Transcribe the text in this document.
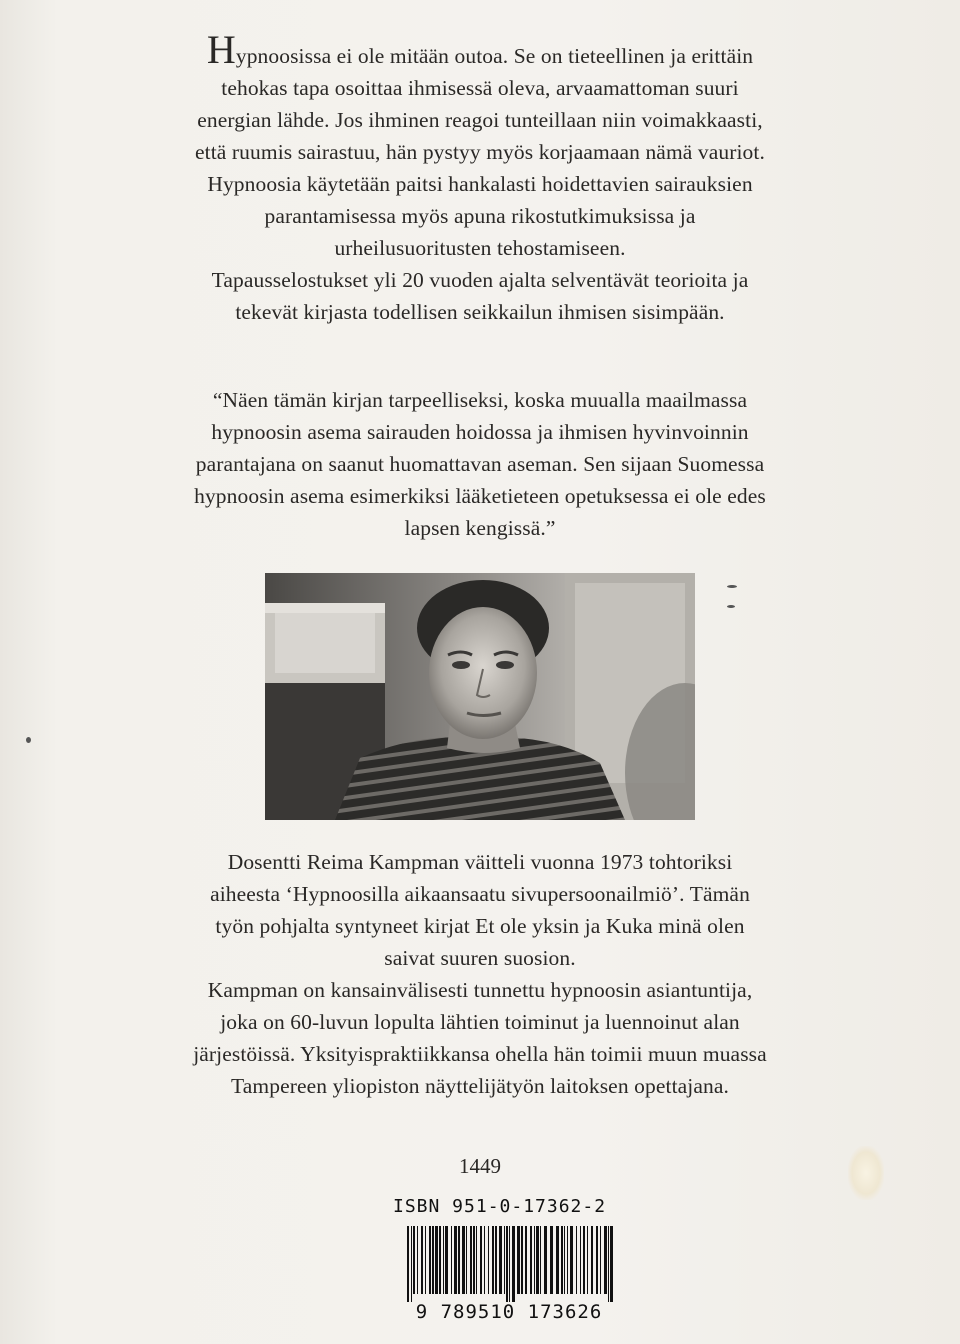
Hypnoosissa ei ole mitään outoa. Se on tieteellinen ja erittäin
tehokas tapa osoittaa ihmisessä oleva, arvaamattoman suuri
energian lähde. Jos ihminen reagoi tunteillaan niin voimakkaasti,
että ruumis sairastuu, hän pystyy myös korjaamaan nämä vauriot.
Hypnoosia käytetään paitsi hankalasti hoidettavien sairauksien
parantamisessa myös apuna rikostutkimuksissa ja
urheilusuoritusten tehostamiseen.
Tapausselostukset yli 20 vuoden ajalta selventävät teorioita ja
tekevät kirjasta todellisen seikkailun ihmisen sisimpään.

“Näen tämän kirjan tarpeelliseksi, koska muualla maailmassa
hypnoosin asema sairauden hoidossa ja ihmisen hyvinvoinnin
parantajana on saanut huomattavan aseman. Sen sijaan Suomessa
hypnoosin asema esimerkiksi lääketieteen opetuksessa ei ole edes
lapsen kengissä.”

Dosentti Reima Kampman väitteli vuonna 1973 tohtoriksi
aiheesta ‘Hypnoosilla aikaansaatu sivupersoonailmiö’. Tämän
työn pohjalta syntyneet kirjat Et ole yksin ja Kuka minä olen
saivat suuren suosion.
Kampman on kansainvälisesti tunnettu hypnoosin asiantuntija,
joka on 60-luvun lopulta lähtien toiminut ja luennoinut alan
järjestöissä. Yksityispraktiikkansa ohella hän toimii muun muassa
Tampereen yliopiston näyttelijätyön laitoksen opettajana.

1449
ISBN 951-0-17362-2
9 789510 173626
